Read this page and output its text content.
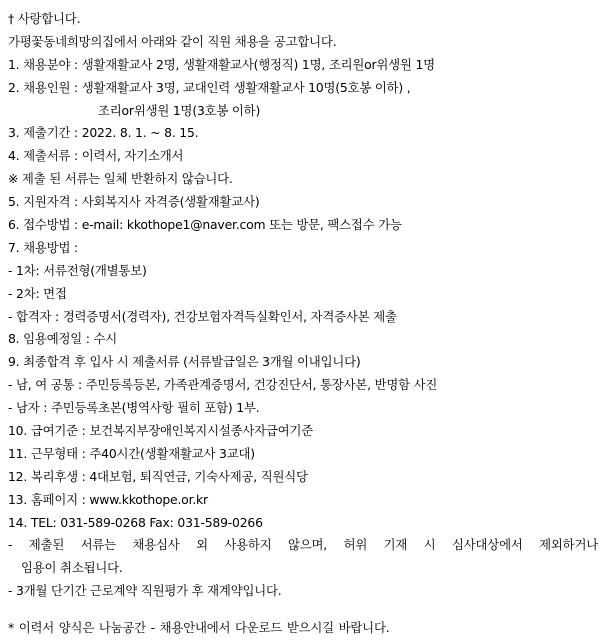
† 사랑합니다.
가평꽃동네희망의집에서 아래와 같이 직원 채용을 공고합니다.
1. 채용분야 : 생활재활교사 2명, 생활재활교사(행정직) 1명, 조리원or위생원 1명
2. 채용인원 : 생활재활교사 3명, 교대인력 생활재활교사 10명(5호봉 이하) ,
조리or위생원 1명(3호봉 이하)
3. 제출기간 : 2022. 8. 1. ~ 8. 15.
4. 제출서류 : 이력서, 자기소개서
※ 제출 된 서류는 일체 반환하지 않습니다.
5. 지원자격 : 사회복지사 자격증(생활재활교사)
6. 접수방법 : e-mail: kkothope1@naver.com 또는 방문, 팩스접수 가능
7. 채용방법 :
- 1차: 서류전형(개별통보)
- 2차: 면접
- 합격자 : 경력증명서(경력자), 건강보험자격득실확인서, 자격증사본 제출
8. 임용예정일 : 수시
9. 최종합격 후 입사 시 제출서류 (서류발급일은 3개월 이내입니다)
- 남, 여 공통 : 주민등록등본, 가족관계증명서, 건강진단서, 통장사본, 반명함 사진
- 남자 : 주민등록초본(병역사항 필히 포함) 1부.
10. 급여기준 : 보건복지부장애인복지시설종사자급여기준
11. 근무형태 : 주40시간(생활재활교사 3교대)
12. 복리후생 : 4대보험, 퇴직연금, 기숙사제공, 직원식당
13. 홈페이지 : www.kkothope.or.kr
14. TEL: 031-589-0268 Fax: 031-589-0266
- 제출된 서류는 채용심사 외 사용하지 않으며, 허위 기재 시 심사대상에서 제외하거나
임용이 취소됩니다.
- 3개월 단기간 근로계약 직원평가 후 재계약입니다.
* 이력서 양식은 나눔공간 - 채용안내에서 다운로드 받으시길 바랍니다.
